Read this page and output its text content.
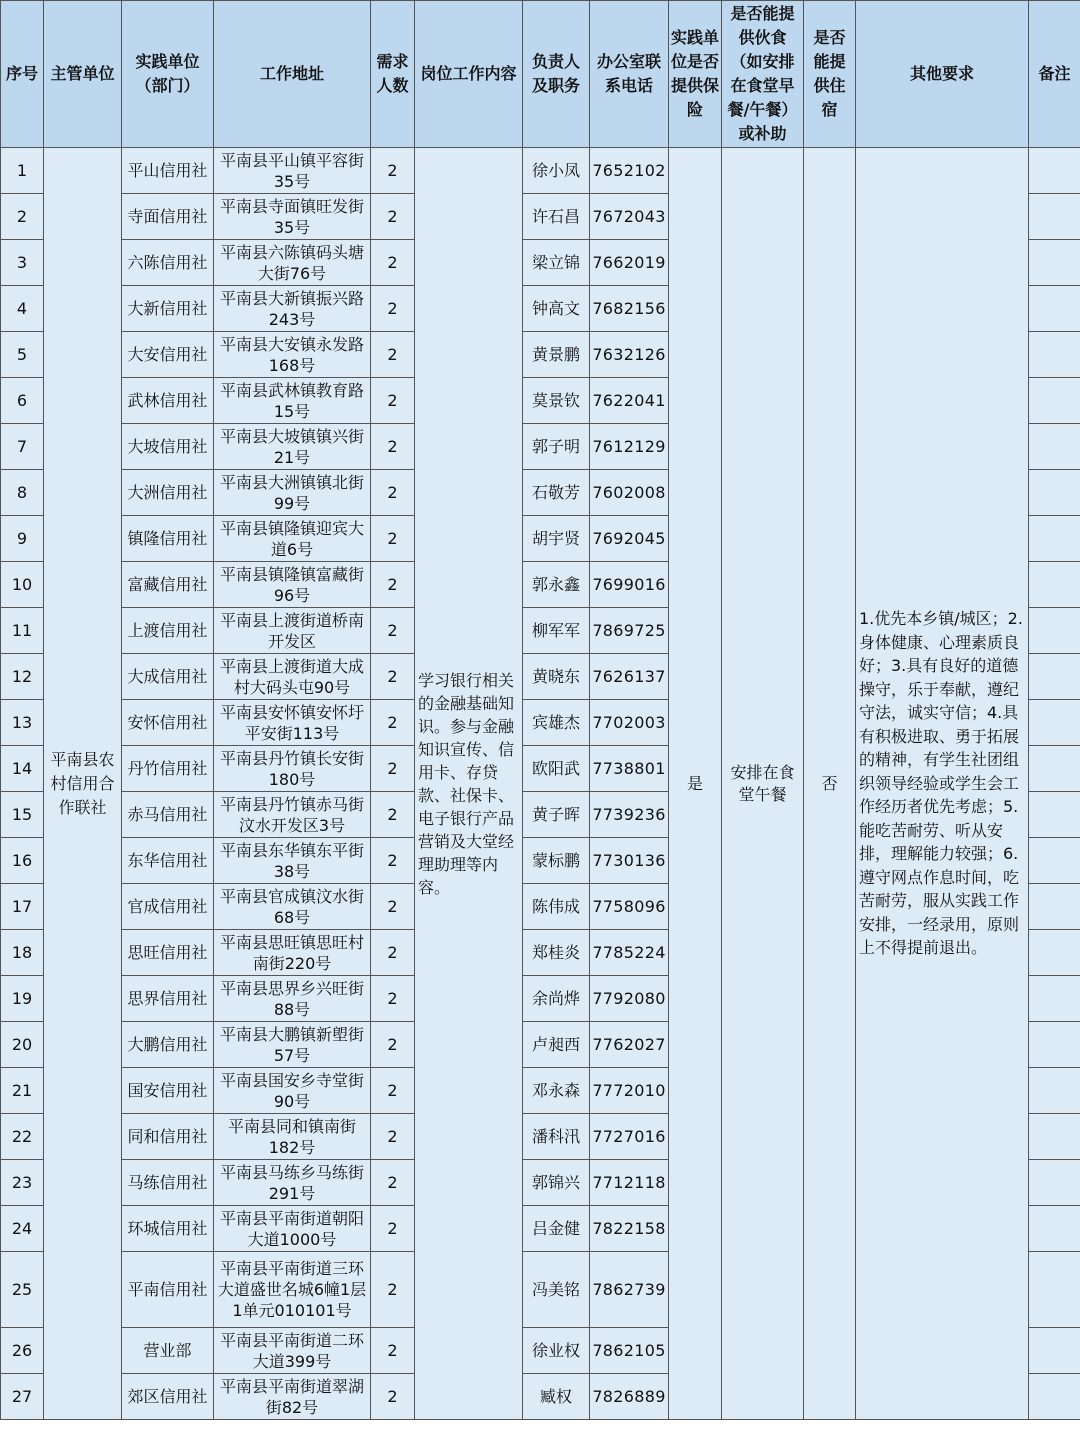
序号	主管单位	实践单位（部门）	工作地址	需求人数	岗位工作内容	负责人及职务	办公室联系电话	实践单位是否提供保险	是否能提供伙食（如安排在食堂早餐/午餐）或补助	是否能提供住宿	其他要求	备注
1	平南县农村信用合作联社	平山信用社	平南县平山镇平容街35号	2	学习银行相关的金融基础知识。参与金融知识宣传、信用卡、存贷款、社保卡、电子银行产品营销及大堂经理助理等内容。	徐小凤	7652102	是	安排在食堂午餐	否	1.优先本乡镇/城区；2.身体健康、心理素质良好；3.具有良好的道德操守，乐于奉献，遵纪守法，诚实守信；4.具有积极进取、勇于拓展的精神，有学生社团组织领导经验或学生会工作经历者优先考虑；5.能吃苦耐劳、听从安排，理解能力较强；6.遵守网点作息时间，吃苦耐劳，服从实践工作安排，一经录用，原则上不得提前退出。	
2		寺面信用社	平南县寺面镇旺发街35号	2		许石昌	7672043					
3		六陈信用社	平南县六陈镇码头塘大街76号	2		梁立锦	7662019					
4		大新信用社	平南县大新镇振兴路243号	2		钟高文	7682156					
5		大安信用社	平南县大安镇永发路168号	2		黄景鹏	7632126					
6		武林信用社	平南县武林镇教育路15号	2		莫景钦	7622041					
7		大坡信用社	平南县大坡镇镇兴街21号	2		郭子明	7612129					
8		大洲信用社	平南县大洲镇镇北街99号	2		石敬芳	7602008					
9		镇隆信用社	平南县镇隆镇迎宾大道6号	2		胡宇贤	7692045					
10		富藏信用社	平南县镇隆镇富藏街96号	2		郭永鑫	7699016					
11		上渡信用社	平南县上渡街道桥南开发区	2		柳军军	7869725					
12		大成信用社	平南县上渡街道大成村大码头屯90号	2		黄晓东	7626137					
13		安怀信用社	平南县安怀镇安怀圩平安街113号	2		宾雄杰	7702003					
14		丹竹信用社	平南县丹竹镇长安街180号	2		欧阳武	7738801					
15		赤马信用社	平南县丹竹镇赤马街汶水开发区3号	2		黄子晖	7739236					
16		东华信用社	平南县东华镇东平街38号	2		蒙标鹏	7730136					
17		官成信用社	平南县官成镇汶水街68号	2		陈伟成	7758096					
18		思旺信用社	平南县思旺镇思旺村南街220号	2		郑桂炎	7785224					
19		思界信用社	平南县思界乡兴旺街88号	2		余尚烨	7792080					
20		大鹏信用社	平南县大鹏镇新塱街57号	2		卢昶西	7762027					
21		国安信用社	平南县国安乡寺堂街90号	2		邓永森	7772010					
22		同和信用社	平南县同和镇南街182号	2		潘科汛	7727016					
23		马练信用社	平南县马练乡马练街291号	2		郭锦兴	7712118					
24		环城信用社	平南县平南街道朝阳大道1000号	2		吕金健	7822158					
25		平南信用社	平南县平南街道三环大道盛世名城6幢1层1单元010101号	2		冯美铭	7862739					
26		营业部	平南县平南街道二环大道399号	2		徐业权	7862105					
27		郊区信用社	平南县平南街道翠湖街82号	2		臧权	7826889					
